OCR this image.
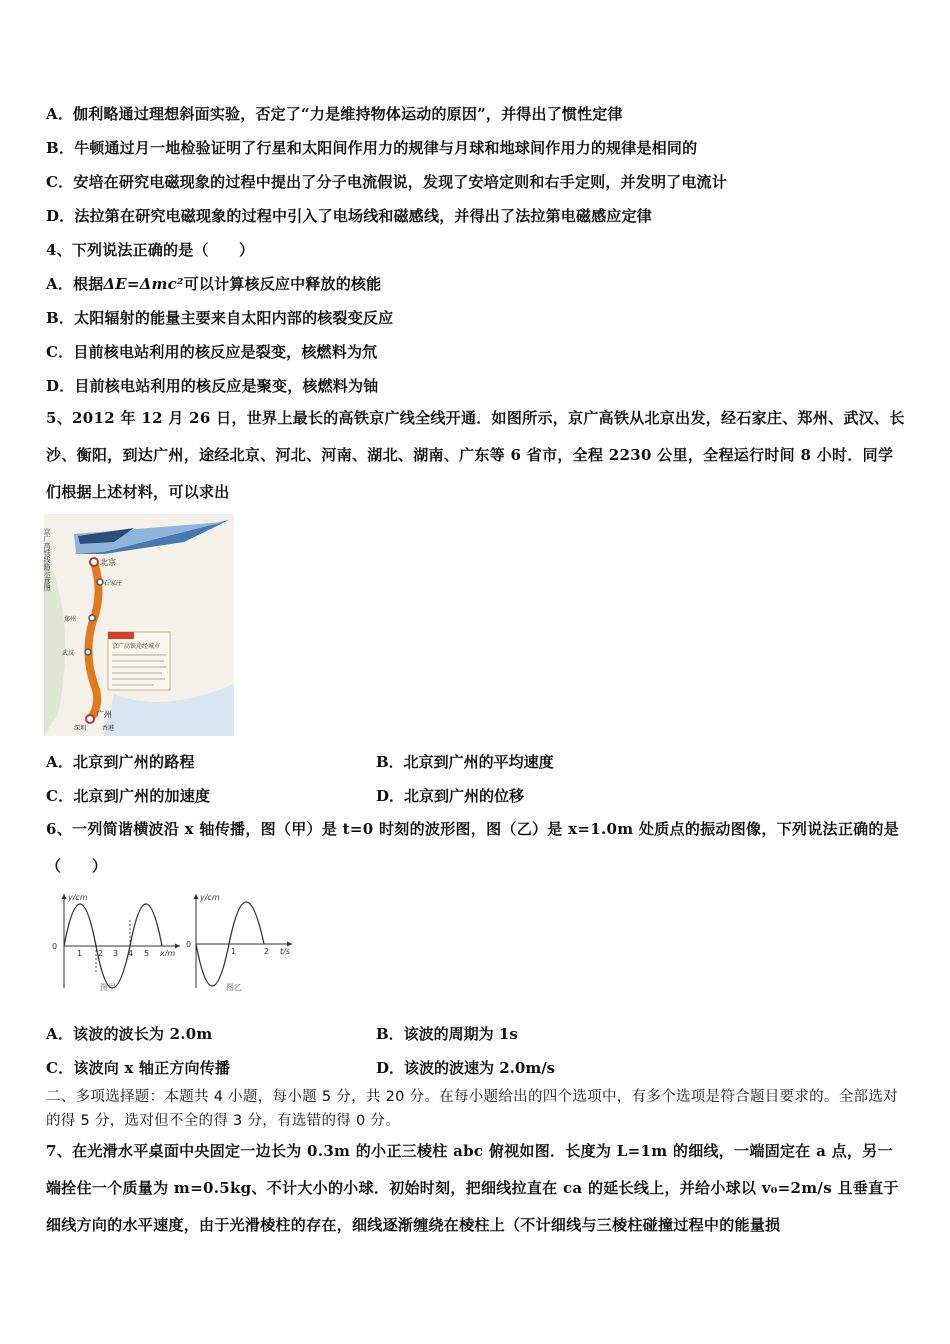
A．伽利略通过理想斜面实验，否定了“力是维持物体运动的原因”，并得出了惯性定律
B．牛顿通过月一地检验证明了行星和太阳间作用力的规律与月球和地球间作用力的规律是相同的
C．安培在研究电磁现象的过程中提出了分子电流假说，发现了安培定则和右手定则，并发明了电流计
D．法拉第在研究电磁现象的过程中引入了电场线和磁感线，并得出了法拉第电磁感应定律
4、下列说法正确的是（　　）
A．根据ΔE=Δmc²可以计算核反应中释放的核能
B．太阳辐射的能量主要来自太阳内部的核裂变反应
C．目前核电站利用的核反应是裂变，核燃料为氘
D．目前核电站利用的核反应是聚变，核燃料为铀
5、2012 年 12 月 26 日，世界上最长的高铁京广线全线开通．如图所示，京广高铁从北京出发，经石家庄、郑州、武汉、长沙、衡阳，到达广州，途经北京、河北、河南、湖北、湖南、广东等 6 省市，全程 2230 公里，全程运行时间 8 小时．同学们根据上述材料，可以求出
京广高铁线路示意图	北京
石家庄
郑州
武汉
广州
深圳	香港
京广高铁途经城市
A．北京到广州的路程	B．北京到广州的平均速度
C．北京到广州的加速度	D．北京到广州的位移
6、一列简谐横波沿 x 轴传播，图（甲）是 t=0 时刻的波形图，图（乙）是 x=1.0m 处质点的振动图像，下列说法正确的是（　　）
y/cm
0
1 2 3 4 5 x/m
图甲
y/cm
0
1	2 t/s
图乙
A．该波的波长为 2.0m	B．该波的周期为 1s
C．该波向 x 轴正方向传播	D．该波的波速为 2.0m/s
二、多项选择题：本题共 4 小题，每小题 5 分，共 20 分。在每小题给出的四个选项中，有多个选项是符合题目要求的。全部选对的得 5 分，选对但不全的得 3 分，有选错的得 0 分。
7、在光滑水平桌面中央固定一边长为 0.3m 的小正三棱柱 abc 俯视如图．长度为 L=1m 的细线，一端固定在 a 点，另一端拴住一个质量为 m=0.5kg、不计大小的小球．初始时刻，把细线拉直在 ca 的延长线上，并给小球以 v₀=2m/s 且垂直于细线方向的水平速度，由于光滑棱柱的存在，细线逐渐缠绕在棱柱上（不计细线与三棱柱碰撞过程中的能量损
